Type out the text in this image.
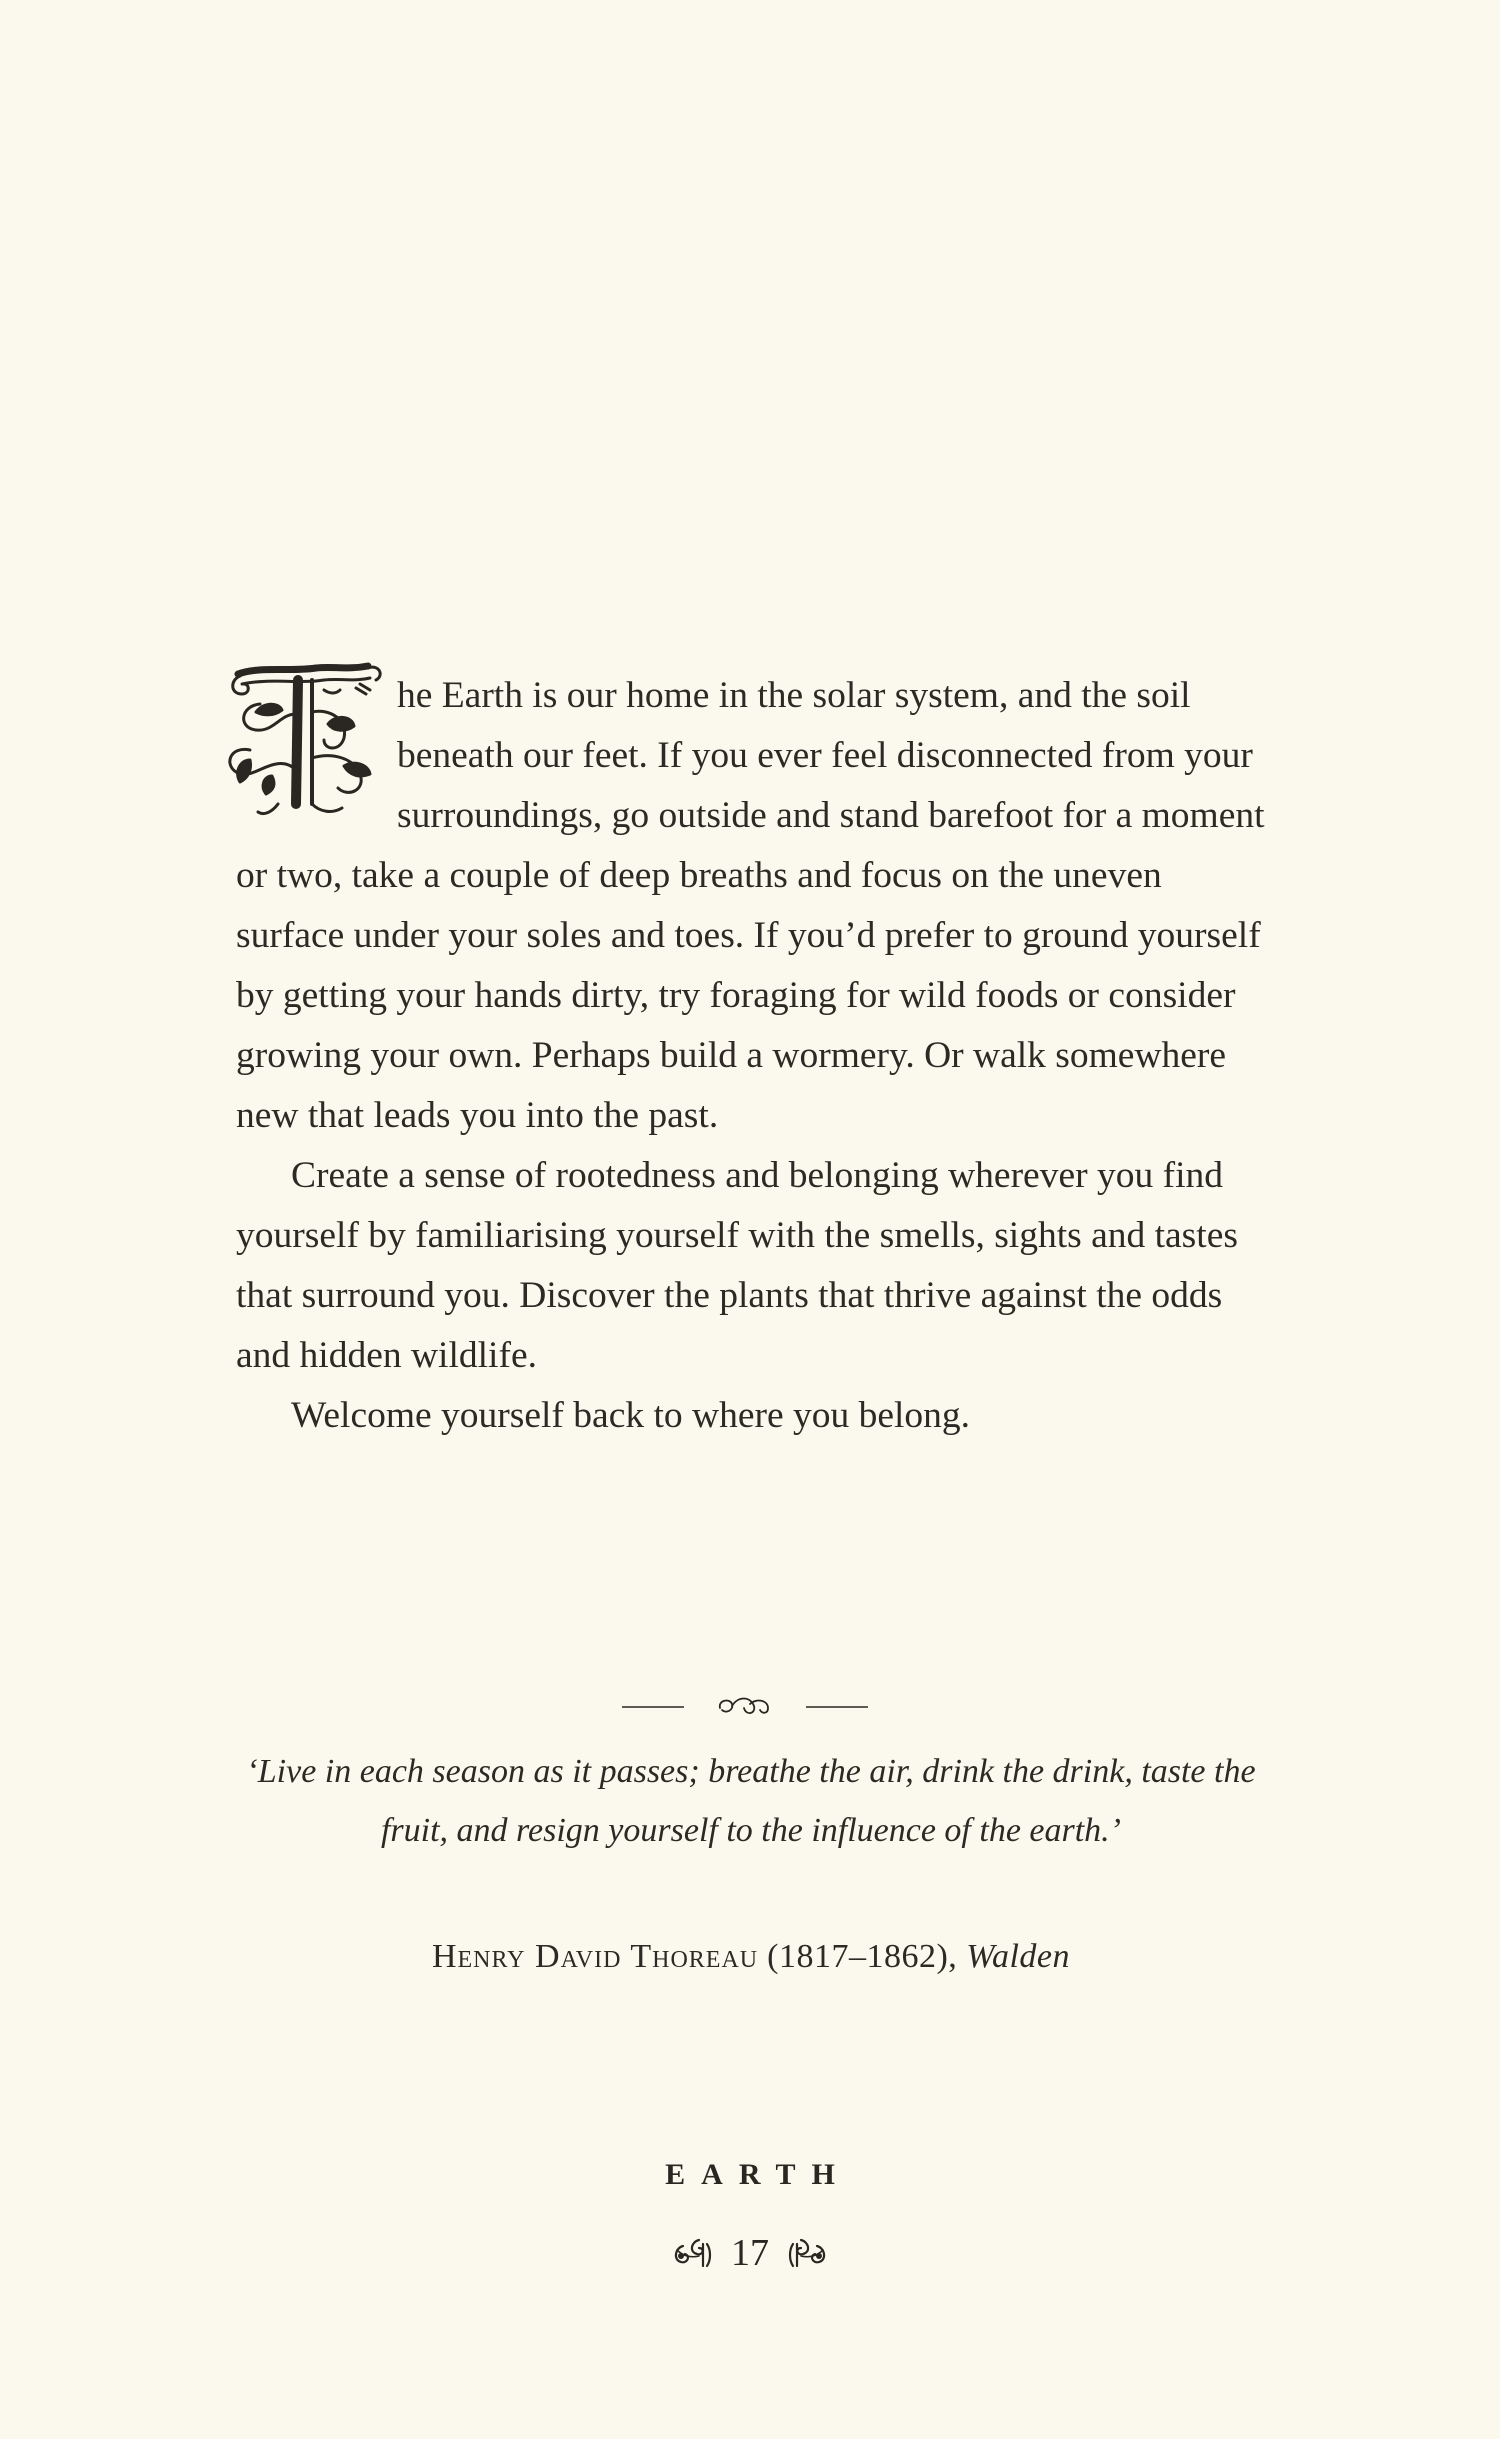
he Earth is our home in the solar system, and the soil beneath our feet. If you ever feel disconnected from your surroundings, go outside and stand barefoot for a moment or two, take a couple of deep breaths and focus on the uneven surface under your soles and toes. If you’d prefer to ground yourself by getting your hands dirty, try foraging for wild foods or consider growing your own. Perhaps build a wormery. Or walk somewhere new that leads you into the past.

Create a sense of rootedness and belonging wherever you find yourself by familiarising yourself with the smells, sights and tastes that surround you. Discover the plants that thrive against the odds and hidden wildlife.

Welcome yourself back to where you belong.

‘Live in each season as it passes; breathe the air, drink the drink, taste the fruit, and resign yourself to the influence of the earth.’
Henry David Thoreau (1817–1862), Walden
EARTH
17
